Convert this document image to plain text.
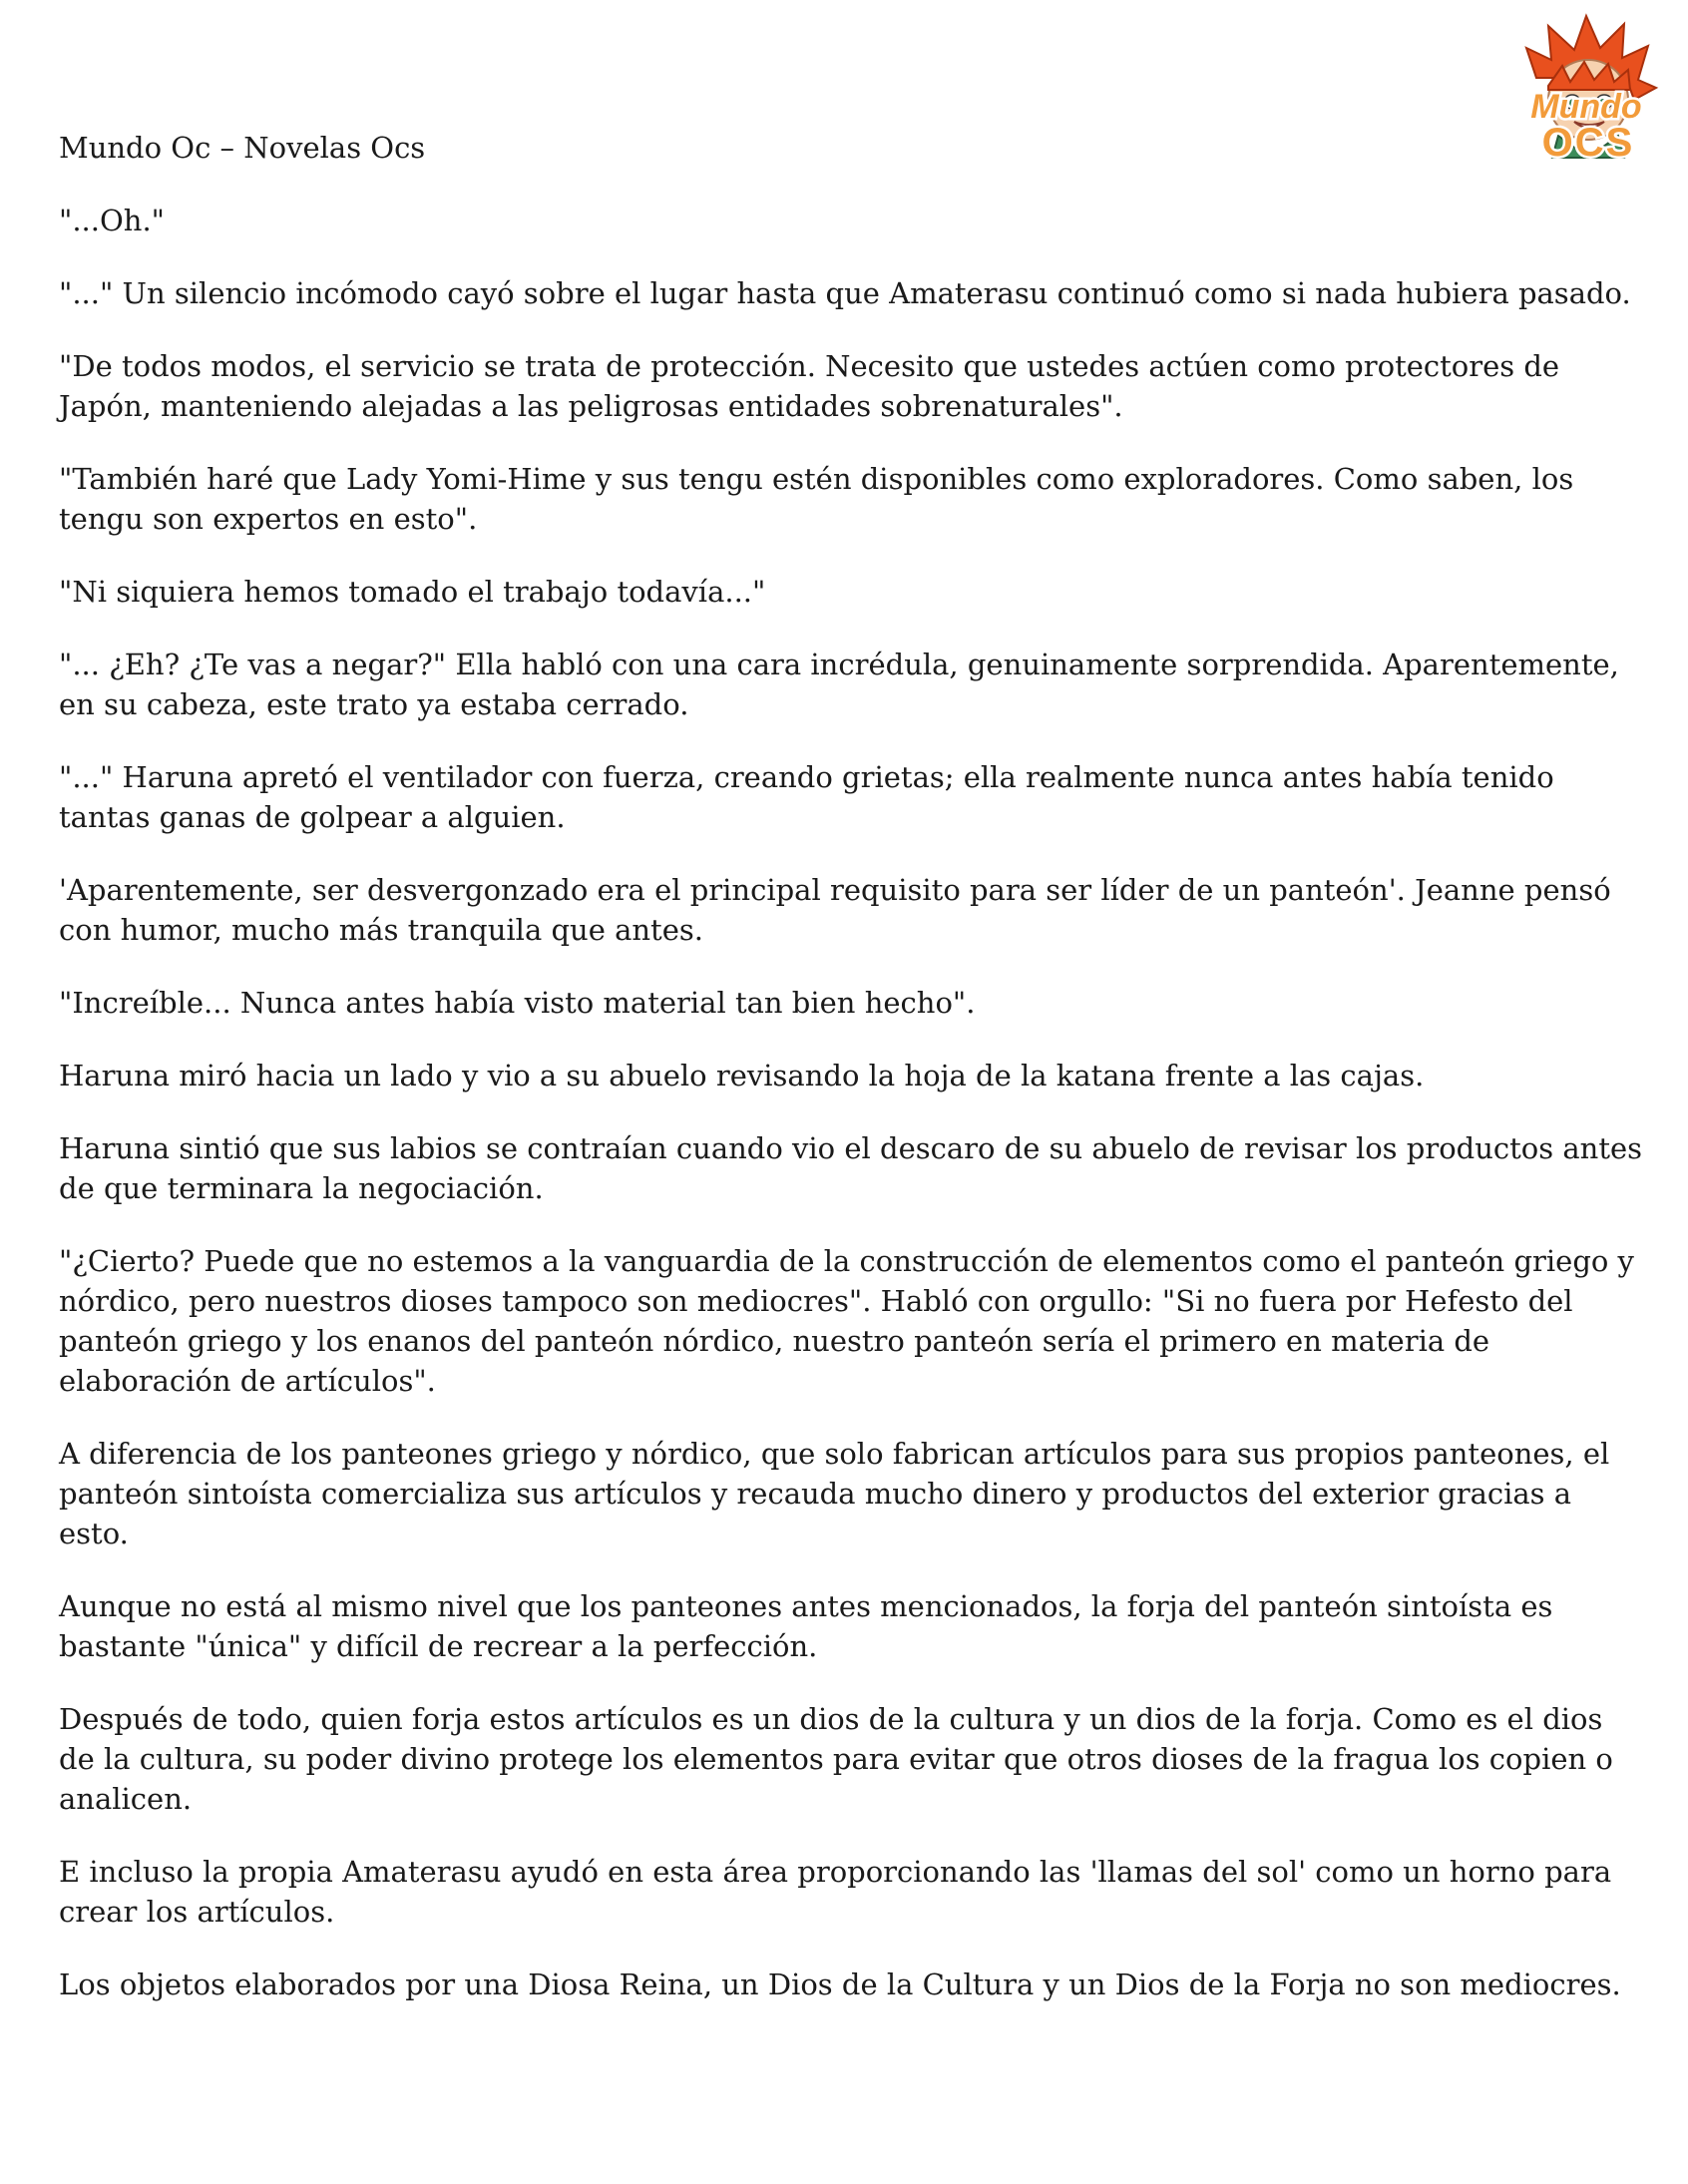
Mundo
OCS
Mundo Oc – Novelas Ocs

"...Oh."

"..." Un silencio incómodo cayó sobre el lugar hasta que Amaterasu continuó como si nada hubiera pasado.

"De todos modos, el servicio se trata de protección. Necesito que ustedes actúen como protectores de Japón, manteniendo alejadas a las peligrosas entidades sobrenaturales".

"También haré que Lady Yomi-Hime y sus tengu estén disponibles como exploradores. Como saben, los tengu son expertos en esto".

"Ni siquiera hemos tomado el trabajo todavía..."

"... ¿Eh? ¿Te vas a negar?" Ella habló con una cara incrédula, genuinamente sorprendida. Aparentemente, en su cabeza, este trato ya estaba cerrado.

"..." Haruna apretó el ventilador con fuerza, creando grietas; ella realmente nunca antes había tenido tantas ganas de golpear a alguien.

'Aparentemente, ser desvergonzado era el principal requisito para ser líder de un panteón'. Jeanne pensó con humor, mucho más tranquila que antes.

"Increíble... Nunca antes había visto material tan bien hecho".

Haruna miró hacia un lado y vio a su abuelo revisando la hoja de la katana frente a las cajas.

Haruna sintió que sus labios se contraían cuando vio el descaro de su abuelo de revisar los productos antes de que terminara la negociación.

"¿Cierto? Puede que no estemos a la vanguardia de la construcción de elementos como el panteón griego y nórdico, pero nuestros dioses tampoco son mediocres". Habló con orgullo: "Si no fuera por Hefesto del panteón griego y los enanos del panteón nórdico, nuestro panteón sería el primero en materia de elaboración de artículos".

A diferencia de los panteones griego y nórdico, que solo fabrican artículos para sus propios panteones, el panteón sintoísta comercializa sus artículos y recauda mucho dinero y productos del exterior gracias a esto.

Aunque no está al mismo nivel que los panteones antes mencionados, la forja del panteón sintoísta es bastante "única" y difícil de recrear a la perfección.

Después de todo, quien forja estos artículos es un dios de la cultura y un dios de la forja. Como es el dios de la cultura, su poder divino protege los elementos para evitar que otros dioses de la fragua los copien o analicen.

E incluso la propia Amaterasu ayudó en esta área proporcionando las 'llamas del sol' como un horno para crear los artículos.

Los objetos elaborados por una Diosa Reina, un Dios de la Cultura y un Dios de la Forja no son mediocres.
